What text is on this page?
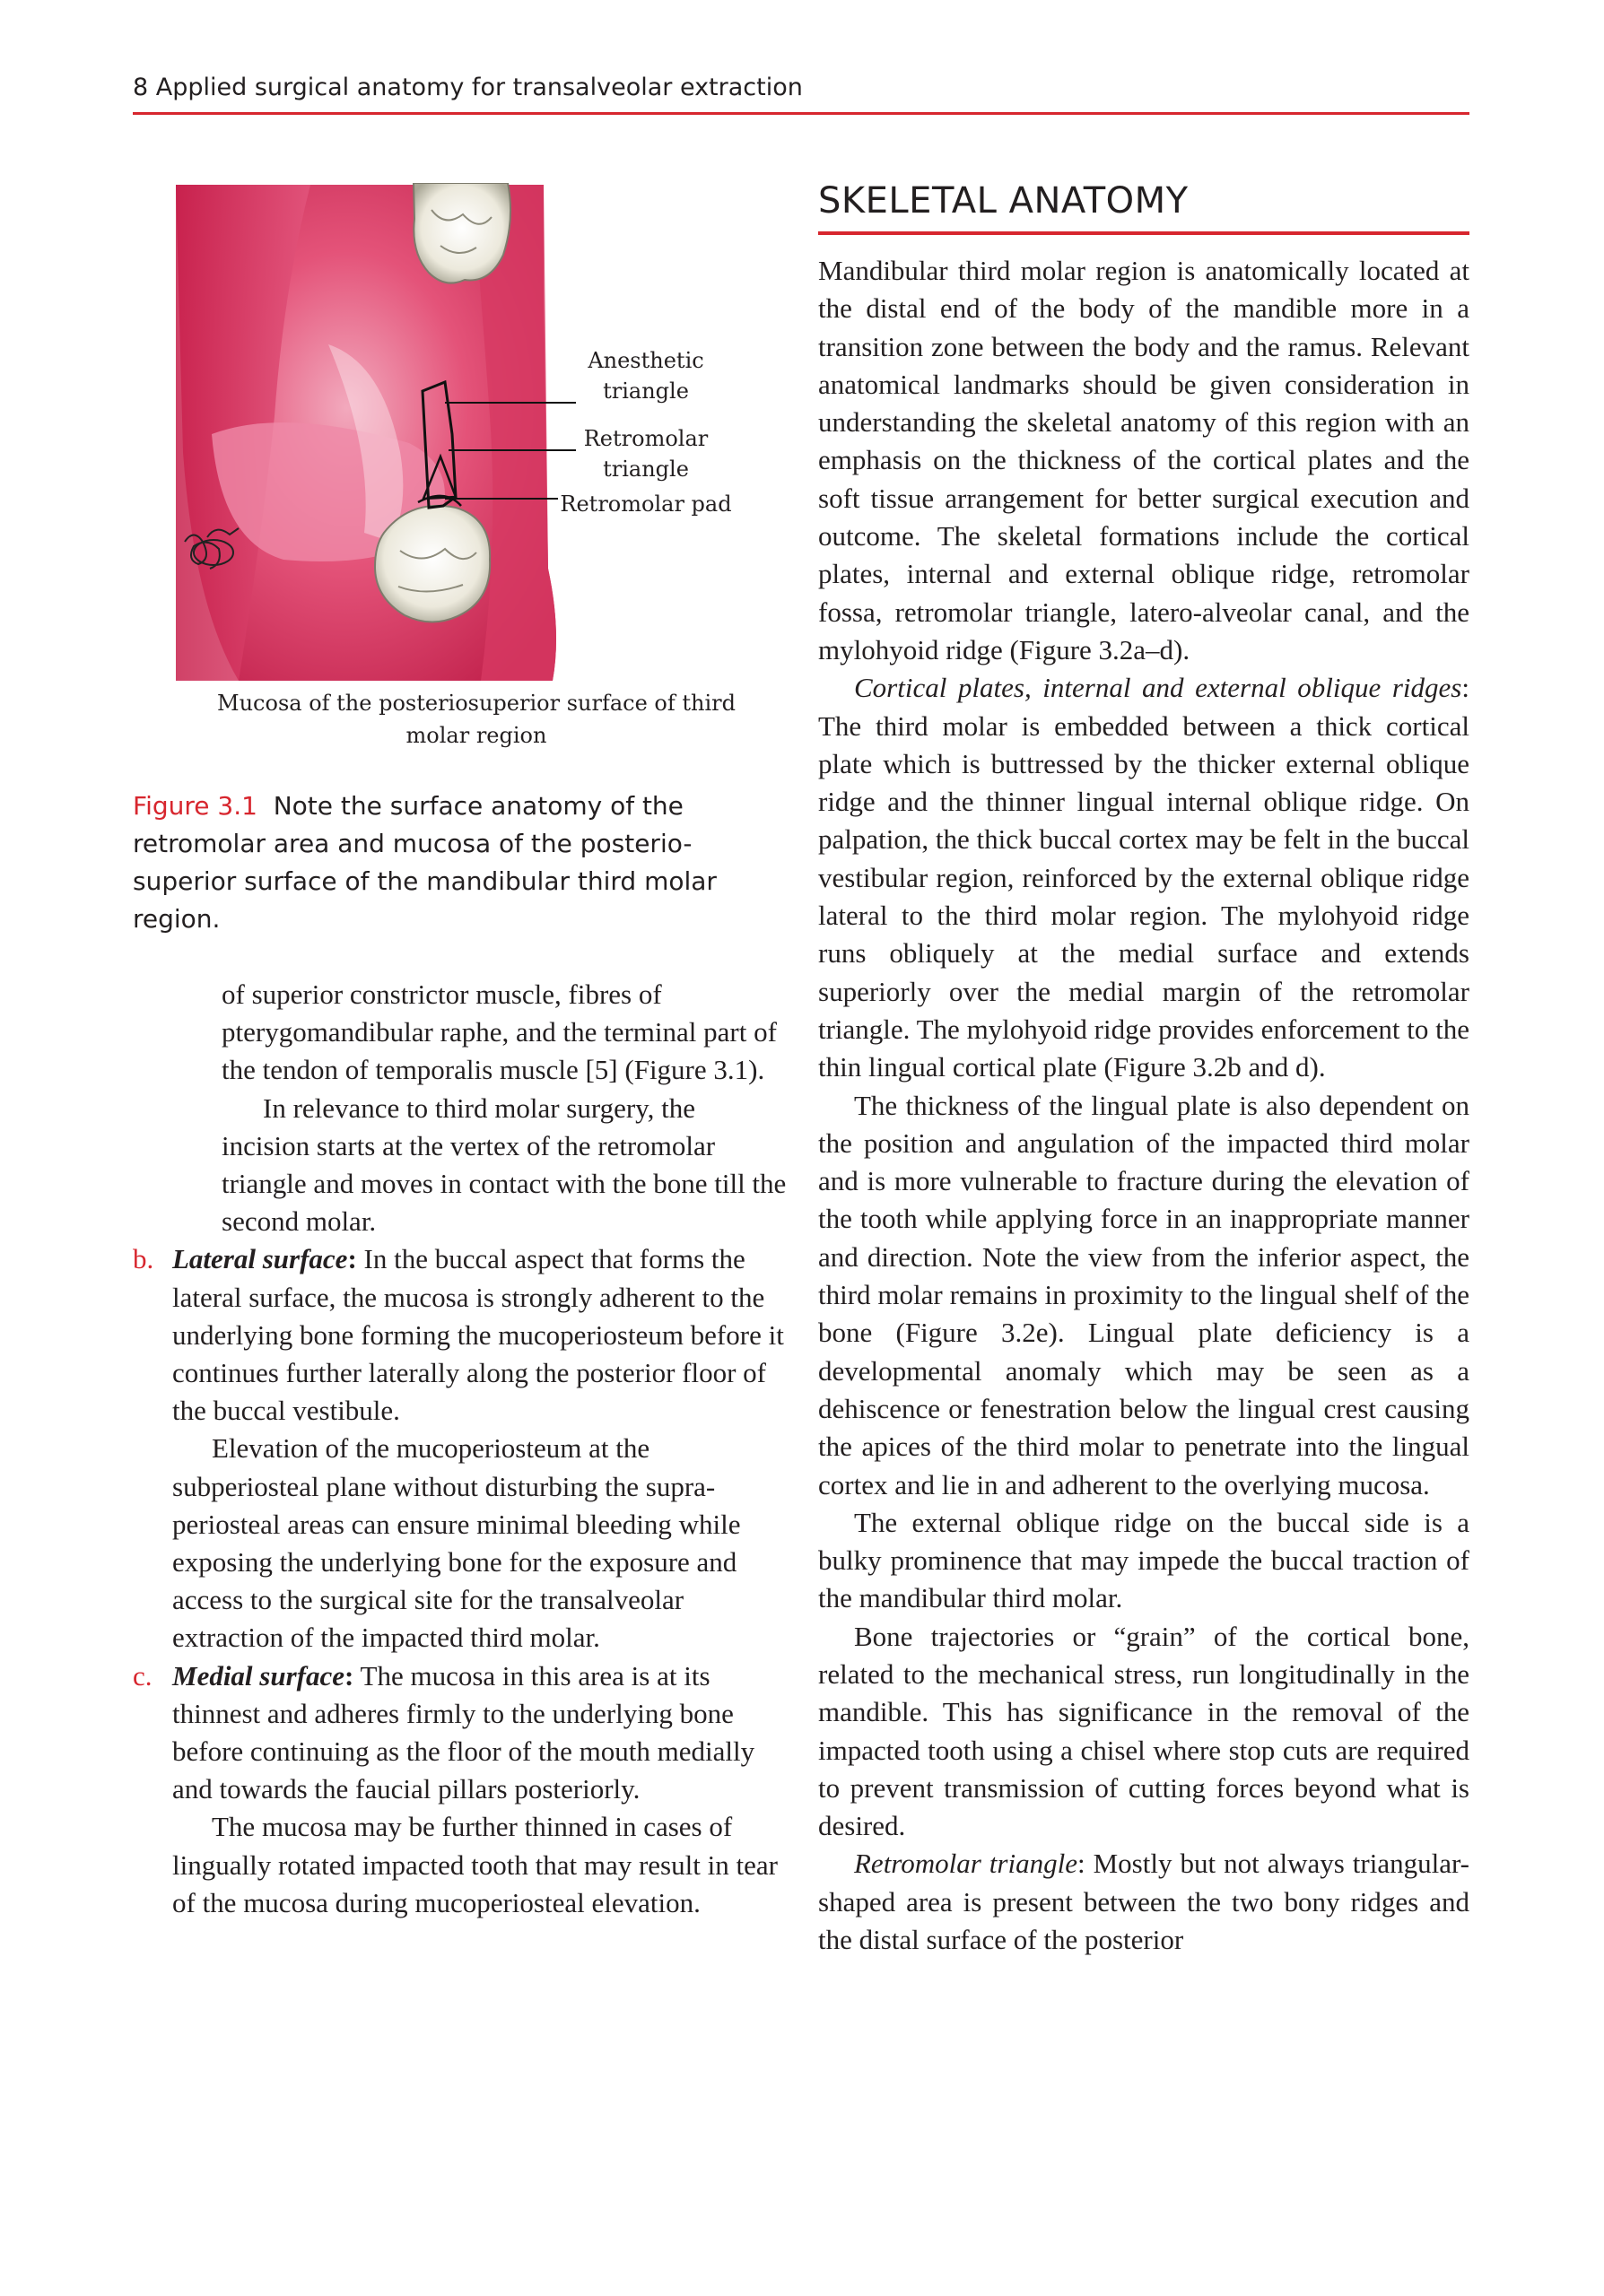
8 Applied surgical anatomy for transalveolar extraction
Anesthetic
triangle
Retromolar
triangle
Retromolar pad
Mucosa of the posteriosuperior surface of third
molar region
Figure 3.1 Note the surface anatomy of the retromolar area and mucosa of the posterio-superior surface of the mandibular third molar region.

of superior constrictor muscle, fibres of pterygomandibular raphe, and the terminal part of the tendon of temporalis muscle [5] (Figure 3.1).

In relevance to third molar surgery, the incision starts at the vertex of the retromolar triangle and moves in contact with the bone till the second molar.

b. Lateral surface: In the buccal aspect that forms the lateral surface, the mucosa is strongly adherent to the underlying bone forming the mucoperiosteum before it continues further laterally along the posterior floor of the buccal vestibule.

Elevation of the mucoperiosteum at the subperiosteal plane without disturbing the supra-periosteal areas can ensure minimal bleeding while exposing the underlying bone for the exposure and access to the surgical site for the transalveolar extraction of the impacted third molar.

c. Medial surface: The mucosa in this area is at its thinnest and adheres firmly to the underlying bone before continuing as the floor of the mouth medially and towards the faucial pillars posteriorly.

The mucosa may be further thinned in cases of lingually rotated impacted tooth that may result in tear of the mucosa during mucoperiosteal elevation.

SKELETAL ANATOMY

Mandibular third molar region is anatomically located at the distal end of the body of the mandible more in a transition zone between the body and the ramus. Relevant anatomical landmarks should be given consideration in understanding the skeletal anatomy of this region with an emphasis on the thickness of the cortical plates and the soft tissue arrangement for better surgical execution and outcome. The skeletal formations include the cortical plates, internal and external oblique ridge, retromolar fossa, retromolar triangle, latero-alveolar canal, and the mylohyoid ridge (Figure 3.2a–d).

Cortical plates, internal and external oblique ridges: The third molar is embedded between a thick cortical plate which is buttressed by the thicker external oblique ridge and the thinner lingual internal oblique ridge. On palpation, the thick buccal cortex may be felt in the buccal vestibular region, reinforced by the external oblique ridge lateral to the third molar region. The mylohyoid ridge runs obliquely at the medial surface and extends superiorly over the medial margin of the retromolar triangle. The mylohyoid ridge provides enforcement to the thin lingual cortical plate (Figure 3.2b and d).

The thickness of the lingual plate is also dependent on the position and angulation of the impacted third molar and is more vulnerable to fracture during the elevation of the tooth while applying force in an inappropriate manner and direction. Note the view from the inferior aspect, the third molar remains in proximity to the lingual shelf of the bone (Figure 3.2e). Lingual plate deficiency is a developmental anomaly which may be seen as a dehiscence or fenestration below the lingual crest causing the apices of the third molar to penetrate into the lingual cortex and lie in and adherent to the overlying mucosa.

The external oblique ridge on the buccal side is a bulky prominence that may impede the buccal traction of the mandibular third molar.

Bone trajectories or “grain” of the cortical bone, related to the mechanical stress, run longitudinally in the mandible. This has significance in the removal of the impacted tooth using a chisel where stop cuts are required to prevent transmission of cutting forces beyond what is desired.

Retromolar triangle: Mostly but not always triangular-shaped area is present between the two bony ridges and the distal surface of the posterior
